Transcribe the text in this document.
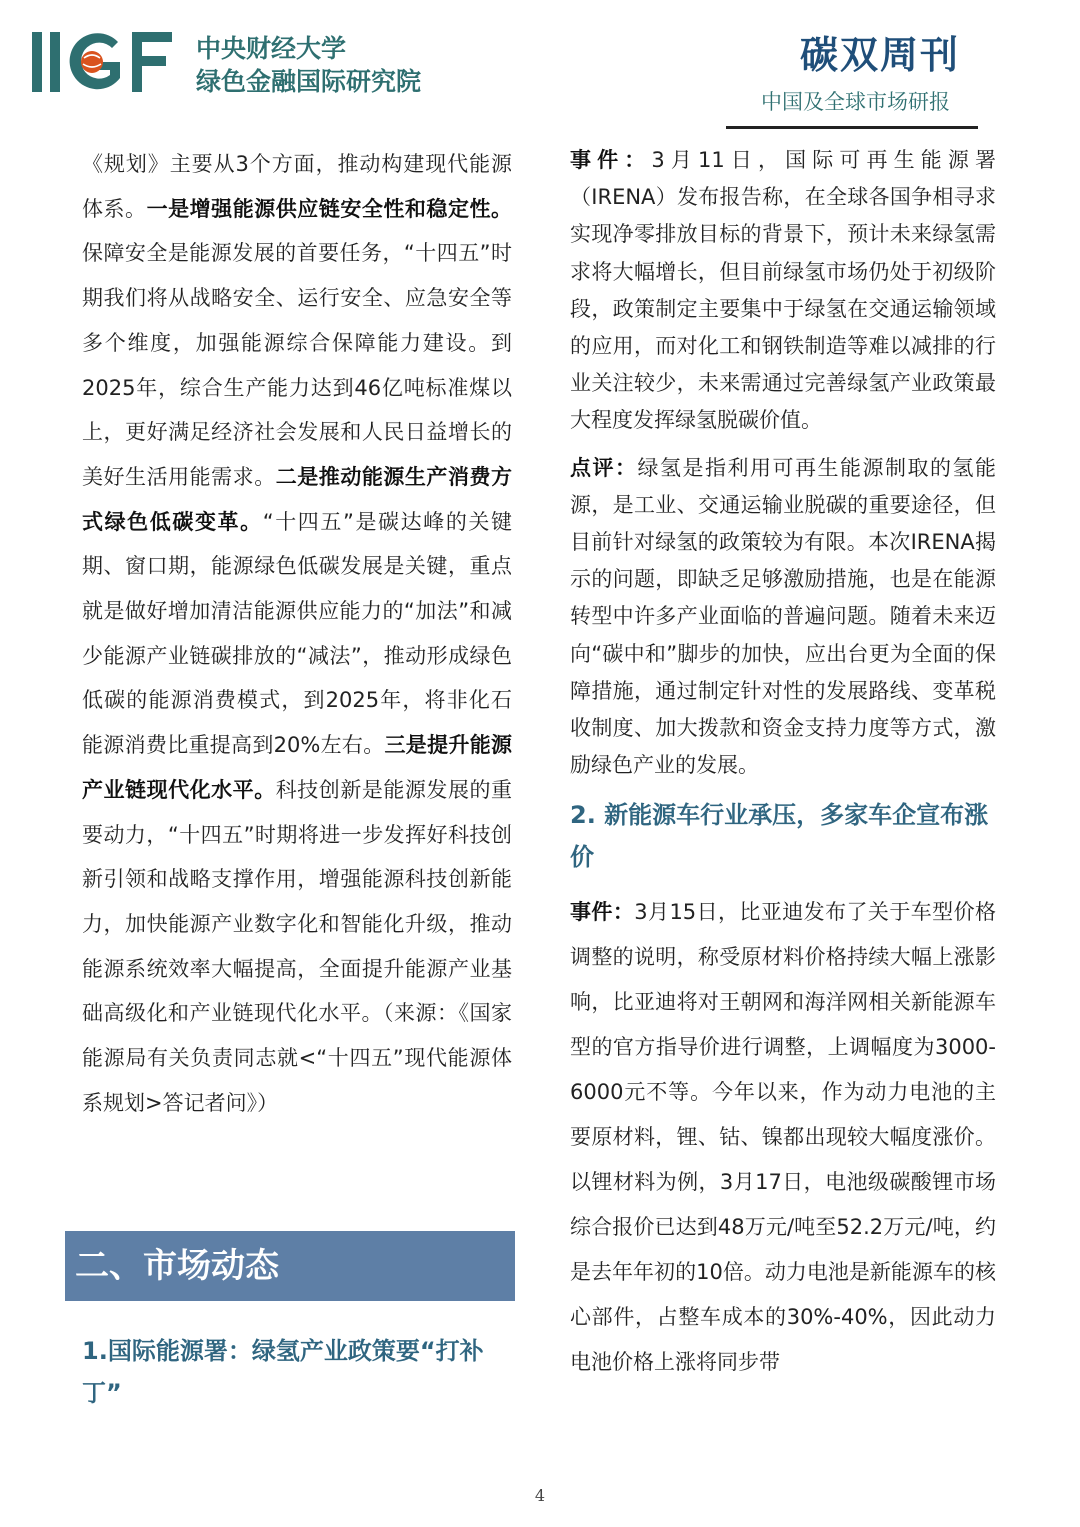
中央财经大学
绿色金融国际研究院
碳双周刊
中国及全球市场研报

《规划》主要从3个方面，推动构建现代能源体系。一是增强能源供应链安全性和稳定性。保障安全是能源发展的首要任务，“十四五”时期我们将从战略安全、运行安全、应急安全等多个维度，加强能源综合保障能力建设。到2025年，综合生产能力达到46亿吨标准煤以上，更好满足经济社会发展和人民日益增长的美好生活用能需求。二是推动能源生产消费方式绿色低碳变革。“十四五”是碳达峰的关键期、窗口期，能源绿色低碳发展是关键，重点就是做好增加清洁能源供应能力的“加法”和减少能源产业链碳排放的“减法”，推动形成绿色低碳的能源消费模式，到2025年，将非化石能源消费比重提高到20%左右。三是提升能源产业链现代化水平。科技创新是能源发展的重要动力，“十四五”时期将进一步发挥好科技创新引领和战略支撑作用，增强能源科技创新能力，加快能源产业数字化和智能化升级，推动能源系统效率大幅提高，全面提升能源产业基础高级化和产业链现代化水平。（来源：《国家能源局有关负责同志就<“十四五”现代能源体系规划>答记者问》）

二、市场动态
1.国际能源署：绿氢产业政策要“打补丁”

事件：3月11日，国际可再生能源署（IRENA）发布报告称，在全球各国争相寻求实现净零排放目标的背景下，预计未来绿氢需求将大幅增长，但目前绿氢市场仍处于初级阶段，政策制定主要集中于绿氢在交通运输领域的应用，而对化工和钢铁制造等难以减排的行业关注较少，未来需通过完善绿氢产业政策最大程度发挥绿氢脱碳价值。

点评：绿氢是指利用可再生能源制取的氢能源，是工业、交通运输业脱碳的重要途径，但目前针对绿氢的政策较为有限。本次IRENA揭示的问题，即缺乏足够激励措施，也是在能源转型中许多产业面临的普遍问题。随着未来迈向“碳中和”脚步的加快，应出台更为全面的保障措施，通过制定针对性的发展路线、变革税收制度、加大拨款和资金支持力度等方式，激励绿色产业的发展。

2. 新能源车行业承压，多家车企宣布涨价

事件：3月15日，比亚迪发布了关于车型价格调整的说明，称受原材料价格持续大幅上涨影响，比亚迪将对王朝网和海洋网相关新能源车型的官方指导价进行调整，上调幅度为3000-6000元不等。今年以来，作为动力电池的主要原材料，锂、钴、镍都出现较大幅度涨价。以锂材料为例，3月17日，电池级碳酸锂市场综合报价已达到48万元/吨至52.2万元/吨，约是去年年初的10倍。动力电池是新能源车的核心部件，占整车成本的30%-40%，因此动力电池价格上涨将同步带

4
